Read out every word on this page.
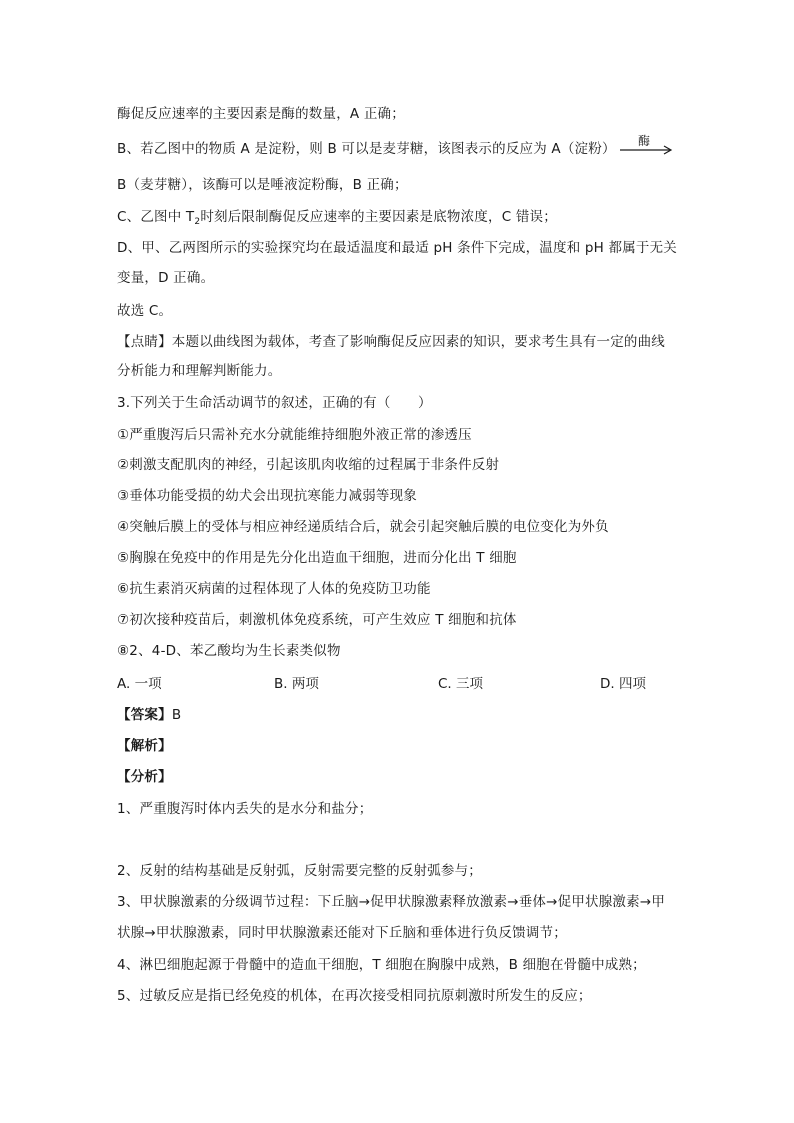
酶促反应速率的主要因素是酶的数量，A 正确；
B、若乙图中的物质 A 是淀粉，则 B 可以是麦芽糖，该图表示的反应为 A（淀粉） 酶
B（麦芽糖），该酶可以是唾液淀粉酶，B 正确；
C、乙图中 $T_2$时刻后限制酶促反应速率的主要因素是底物浓度，C 错误；
D、甲、乙两图所示的实验探究均在最适温度和最适 pH 条件下完成，温度和 pH 都属于无关
变量，D 正确。
故选 C。
【点睛】本题以曲线图为载体，考查了影响酶促反应因素的知识，要求考生具有一定的曲线
分析能力和理解判断能力。
3.下列关于生命活动调节的叙述，正确的有（　　）
①严重腹泻后只需补充水分就能维持细胞外液正常的渗透压
②刺激支配肌肉的神经，引起该肌肉收缩的过程属于非条件反射
③垂体功能受损的幼犬会出现抗寒能力减弱等现象
④突触后膜上的受体与相应神经递质结合后，就会引起突触后膜的电位变化为外负
⑤胸腺在免疫中的作用是先分化出造血干细胞，进而分化出 T 细胞
⑥抗生素消灭病菌的过程体现了人体的免疫防卫功能
⑦初次接种疫苗后，刺激机体免疫系统，可产生效应 T 细胞和抗体
⑧2、4-D、苯乙酸均为生长素类似物
A. 一项	B. 两项	C. 三项	D. 四项
【答案】B
【解析】
【分析】
1、严重腹泻时体内丢失的是水分和盐分；
2、反射的结构基础是反射弧，反射需要完整的反射弧参与；
3、甲状腺激素的分级调节过程：下丘脑→促甲状腺激素释放激素→垂体→促甲状腺激素→甲
状腺→甲状腺激素，同时甲状腺激素还能对下丘脑和垂体进行负反馈调节；
4、淋巴细胞起源于骨髓中的造血干细胞，T 细胞在胸腺中成熟，B 细胞在骨髓中成熟；
5、过敏反应是指已经免疫的机体，在再次接受相同抗原刺激时所发生的反应；
